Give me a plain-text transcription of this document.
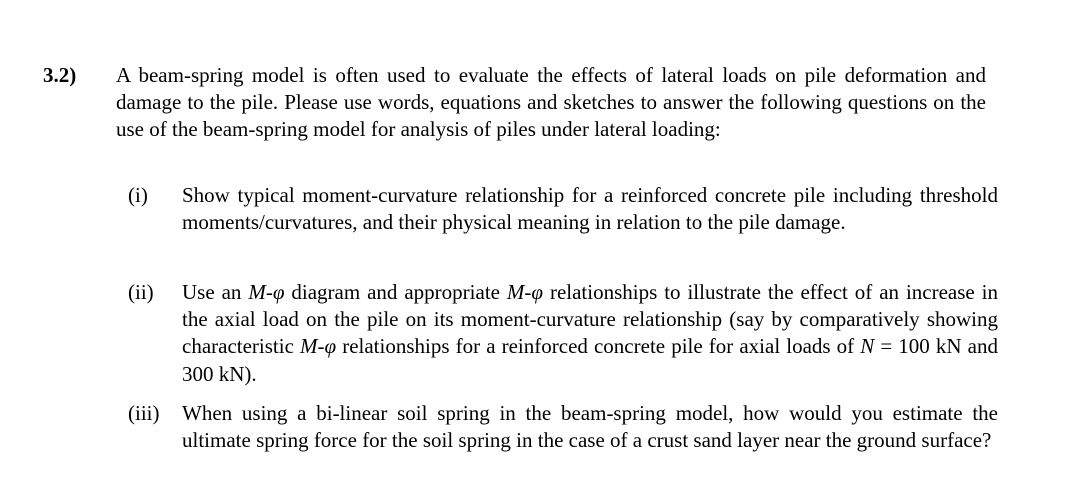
3.2) A beam-spring model is often used to evaluate the effects of lateral loads on pile deformation and damage to the pile. Please use words, equations and sketches to answer the following questions on the use of the beam-spring model for analysis of piles under lateral loading:
(i) Show typical moment-curvature relationship for a reinforced concrete pile including threshold moments/curvatures, and their physical meaning in relation to the pile damage.
(ii) Use an M-φ diagram and appropriate M-φ relationships to illustrate the effect of an increase in the axial load on the pile on its moment-curvature relationship (say by comparatively showing characteristic M-φ relationships for a reinforced concrete pile for axial loads of N = 100 kN and 300 kN).
(iii) When using a bi-linear soil spring in the beam-spring model, how would you estimate the ultimate spring force for the soil spring in the case of a crust sand layer near the ground surface?
